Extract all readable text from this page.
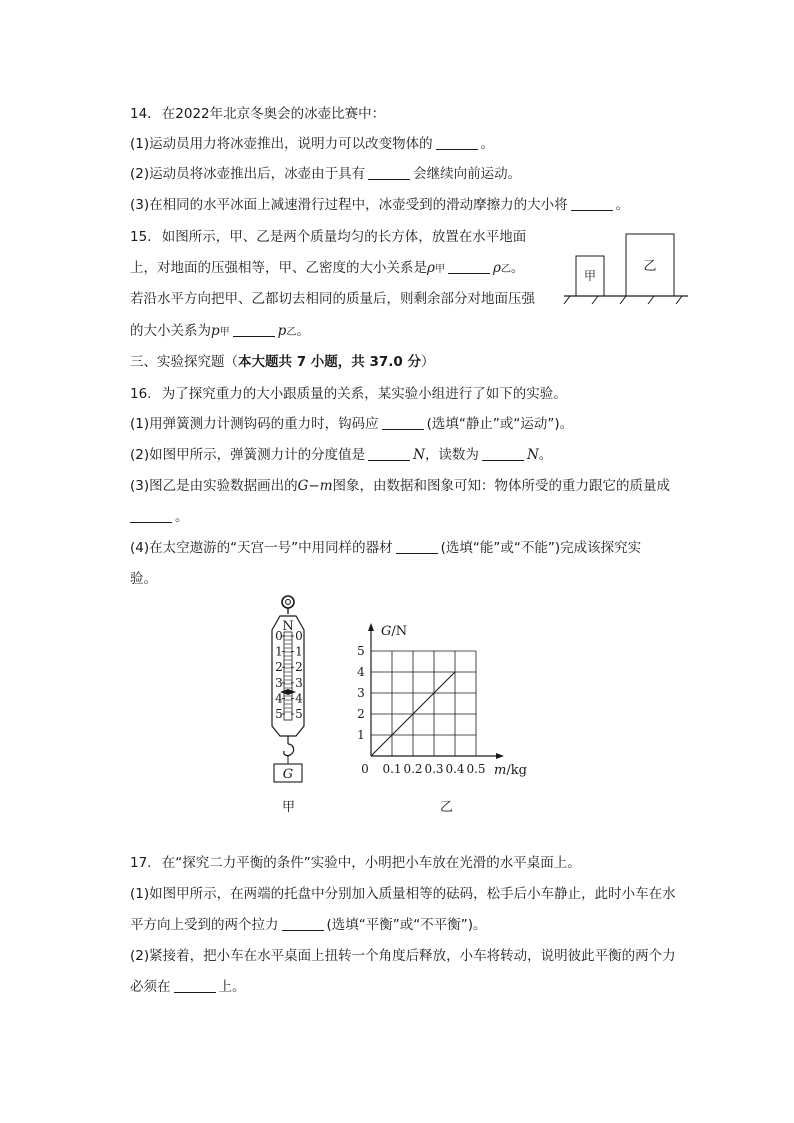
14. 在2022年北京冬奥会的冰壶比赛中：
(1)运动员用力将冰壶推出，说明力可以改变物体的	。
(2)运动员将冰壶推出后，冰壶由于具有	会继续向前运动。
(3)在相同的水平冰面上减速滑行过程中，冰壶受到的滑动摩擦力的大小将	。
15. 如图所示，甲、乙是两个质量均匀的长方体，放置在水平地面
上，对地面的压强相等，甲、乙密度的大小关系是ρ甲	ρ乙。
若沿水平方向把甲、乙都切去相同的质量后，则剩余部分对地面压强
的大小关系为p甲	p乙。
甲
乙
三、实验探究题（本大题共 7 小题，共 37.0 分）
16. 为了探究重力的大小跟质量的关系，某实验小组进行了如下的实验。
(1)用弹簧测力计测钩码的重力时，钩码应	(选填“静止”或“运动”)。
(2)如图甲所示，弹簧测力计的分度值是	N，读数为	N。
(3)图乙是由实验数据画出的G−m图象，由数据和图象可知：物体所受的重力跟它的质量成
。
(4)在太空遨游的“天宫一号”中用同样的器材	(选填“能”或“不能”)完成该探究实
验。
N
0
1
2
3
4
5
0
1
2
3
4
5
G
甲
1
2
3
4
5
0.1 0.2 0.3 0.4 0.5
0
G/N
m/kg
乙
17. 在“探究二力平衡的条件”实验中，小明把小车放在光滑的水平桌面上。
(1)如图甲所示，在两端的托盘中分别加入质量相等的砝码，松手后小车静止，此时小车在水
平方向上受到的两个拉力	(选填“平衡”或“不平衡”)。
(2)紧接着，把小车在水平桌面上扭转一个角度后释放，小车将转动，说明彼此平衡的两个力
必须在	上。
